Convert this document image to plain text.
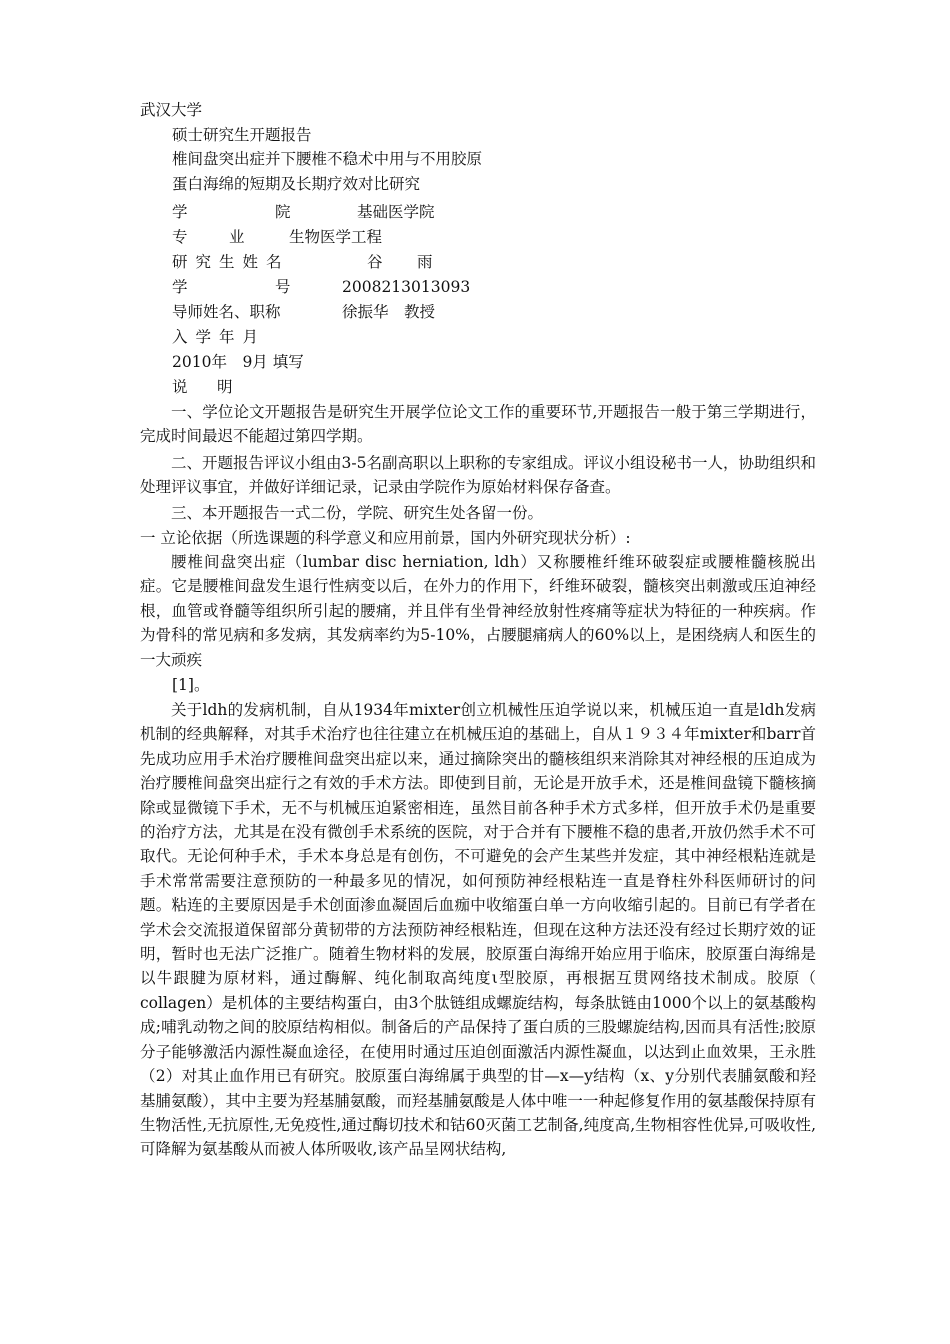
武汉大学
硕士研究生开题报告
椎间盘突出症并下腰椎不稳术中用与不用胶原
蛋白海绵的短期及长期疗效对比研究
学	院	基础医学院
专	业	生物医学工程
研究生姓名	谷 雨
学	号	2008213013093
导师姓名、职称	徐振华　教授
入学年月
2010年　9月 填写
说 明

一、学位论文开题报告是研究生开展学位论文工作的重要环节,开题报告一般于第三学期进行，完成时间最迟不能超过第四学期。

二、开题报告评议小组由3-5名副高职以上职称的专家组成。评议小组设秘书一人，协助组织和处理评议事宜，并做好详细记录，记录由学院作为原始材料保存备查。

三、本开题报告一式二份，学院、研究生处各留一份。

一 立论依据（所选课题的科学意义和应用前景，国内外研究现状分析）:

腰椎间盘突出症（lumbar disc herniation, ldh）又称腰椎纤维环破裂症或腰椎髓核脱出症。它是腰椎间盘发生退行性病变以后，在外力的作用下，纤维环破裂，髓核突出刺激或压迫神经根，血管或脊髓等组织所引起的腰痛，并且伴有坐骨神经放射性疼痛等症状为特征的一种疾病。作为骨科的常见病和多发病，其发病率约为5-10%，占腰腿痛病人的60%以上，是困绕病人和医生的一大顽疾

[1]。

关于ldh的发病机制，自从1934年mixter创立机械性压迫学说以来，机械压迫一直是ldh发病机制的经典解释，对其手术治疗也往往建立在机械压迫的基础上，自从１９３４年mixter和barr首先成功应用手术治疗腰椎间盘突出症以来，通过摘除突出的髓核组织来消除其对神经根的压迫成为治疗腰椎间盘突出症行之有效的手术方法。即使到目前，无论是开放手术，还是椎间盘镜下髓核摘除或显微镜下手术，无不与机械压迫紧密相连，虽然目前各种手术方式多样，但开放手术仍是重要的治疗方法，尤其是在没有微创手术系统的医院，对于合并有下腰椎不稳的患者,开放仍然手术不可取代。无论何种手术，手术本身总是有创伤，不可避免的会产生某些并发症，其中神经根粘连就是手术常常需要注意预防的一种最多见的情况，如何预防神经根粘连一直是脊柱外科医师研讨的问题。粘连的主要原因是手术创面渗血凝固后血痂中收缩蛋白单一方向收缩引起的。目前已有学者在学术会交流报道保留部分黄韧带的方法预防神经根粘连，但现在这种方法还没有经过长期疗效的证明，暂时也无法广泛推广。随着生物材料的发展，胶原蛋白海绵开始应用于临床，胶原蛋白海绵是以牛跟腱为原材料，通过酶解、纯化制取高纯度ι型胶原，再根据互贯网络技术制成。胶原（ collagen）是机体的主要结构蛋白，由3个肽链组成螺旋结构，每条肽链由1000个以上的氨基酸构成;哺乳动物之间的胶原结构相似。制备后的产品保持了蛋白质的三股螺旋结构,因而具有活性;胶原分子能够激活内源性凝血途径，在使用时通过压迫创面激活内源性凝血，以达到止血效果，王永胜（2）对其止血作用已有研究。胶原蛋白海绵属于典型的甘—x—y结构（x、y分别代表脯氨酸和羟基脯氨酸），其中主要为羟基脯氨酸，而羟基脯氨酸是人体中唯一一种起修复作用的氨基酸保持原有生物活性,无抗原性,无免疫性,通过酶切技术和钴60灭菌工艺制备,纯度高,生物相容性优异,可吸收性,可降解为氨基酸从而被人体所吸收,该产品呈网状结构,
